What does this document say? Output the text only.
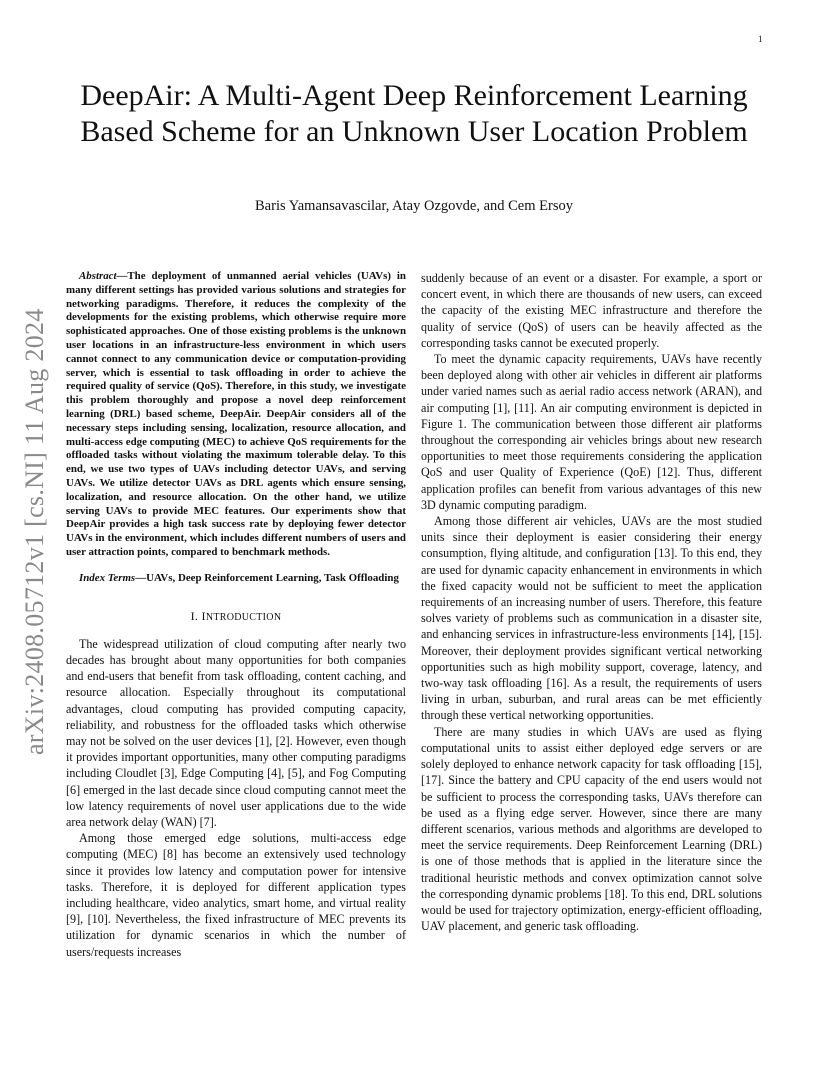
1
arXiv:2408.05712v1 [cs.NI] 11 Aug 2024
DeepAir: A Multi-Agent Deep Reinforcement Learning Based Scheme for an Unknown User Location Problem
Baris Yamansavascilar, Atay Ozgovde, and Cem Ersoy

Abstract—The deployment of unmanned aerial vehicles (UAVs) in many different settings has provided various solutions and strategies for networking paradigms. Therefore, it reduces the complexity of the developments for the existing problems, which otherwise require more sophisticated approaches. One of those existing problems is the unknown user locations in an infrastructure-less environment in which users cannot connect to any communication device or computation-providing server, which is essential to task offloading in order to achieve the required quality of service (QoS). Therefore, in this study, we investigate this problem thoroughly and propose a novel deep reinforcement learning (DRL) based scheme, DeepAir. DeepAir considers all of the necessary steps including sensing, localization, resource allocation, and multi-access edge computing (MEC) to achieve QoS requirements for the offloaded tasks without violating the maximum tolerable delay. To this end, we use two types of UAVs including detector UAVs, and serving UAVs. We utilize detector UAVs as DRL agents which ensure sensing, localization, and resource allocation. On the other hand, we utilize serving UAVs to provide MEC features. Our experiments show that DeepAir provides a high task success rate by deploying fewer detector UAVs in the environment, which includes different numbers of users and user attraction points, compared to benchmark methods.

Index Terms—UAVs, Deep Reinforcement Learning, Task Offloading

I. INTRODUCTION

The widespread utilization of cloud computing after nearly two decades has brought about many opportunities for both companies and end-users that benefit from task offloading, content caching, and resource allocation. Especially throughout its computational advantages, cloud computing has provided computing capacity, reliability, and robustness for the offloaded tasks which otherwise may not be solved on the user devices [1], [2]. However, even though it provides important opportunities, many other computing paradigms including Cloudlet [3], Edge Computing [4], [5], and Fog Computing [6] emerged in the last decade since cloud computing cannot meet the low latency requirements of novel user applications due to the wide area network delay (WAN) [7].

Among those emerged edge solutions, multi-access edge computing (MEC) [8] has become an extensively used technology since it provides low latency and computation power for intensive tasks. Therefore, it is deployed for different application types including healthcare, video analytics, smart home, and virtual reality [9], [10]. Nevertheless, the fixed infrastructure of MEC prevents its utilization for dynamic scenarios in which the number of users/requests increases

suddenly because of an event or a disaster. For example, a sport or concert event, in which there are thousands of new users, can exceed the capacity of the existing MEC infrastructure and therefore the quality of service (QoS) of users can be heavily affected as the corresponding tasks cannot be executed properly.

To meet the dynamic capacity requirements, UAVs have recently been deployed along with other air vehicles in different air platforms under varied names such as aerial radio access network (ARAN), and air computing [1], [11]. An air computing environment is depicted in Figure 1. The communication between those different air platforms throughout the corresponding air vehicles brings about new research opportunities to meet those requirements considering the application QoS and user Quality of Experience (QoE) [12]. Thus, different application profiles can benefit from various advantages of this new 3D dynamic computing paradigm.

Among those different air vehicles, UAVs are the most studied units since their deployment is easier considering their energy consumption, flying altitude, and configuration [13]. To this end, they are used for dynamic capacity enhancement in environments in which the fixed capacity would not be sufficient to meet the application requirements of an increasing number of users. Therefore, this feature solves variety of problems such as communication in a disaster site, and enhancing services in infrastructure-less environments [14], [15]. Moreover, their deployment provides significant vertical networking opportunities such as high mobility support, coverage, latency, and two-way task offloading [16]. As a result, the requirements of users living in urban, suburban, and rural areas can be met efficiently through these vertical networking opportunities.

There are many studies in which UAVs are used as flying computational units to assist either deployed edge servers or are solely deployed to enhance network capacity for task offloading [15], [17]. Since the battery and CPU capacity of the end users would not be sufficient to process the corresponding tasks, UAVs therefore can be used as a flying edge server. However, since there are many different scenarios, various methods and algorithms are developed to meet the service requirements. Deep Reinforcement Learning (DRL) is one of those methods that is applied in the literature since the traditional heuristic methods and convex optimization cannot solve the corresponding dynamic problems [18]. To this end, DRL solutions would be used for trajectory optimization, energy-efficient offloading, UAV placement, and generic task offloading.
